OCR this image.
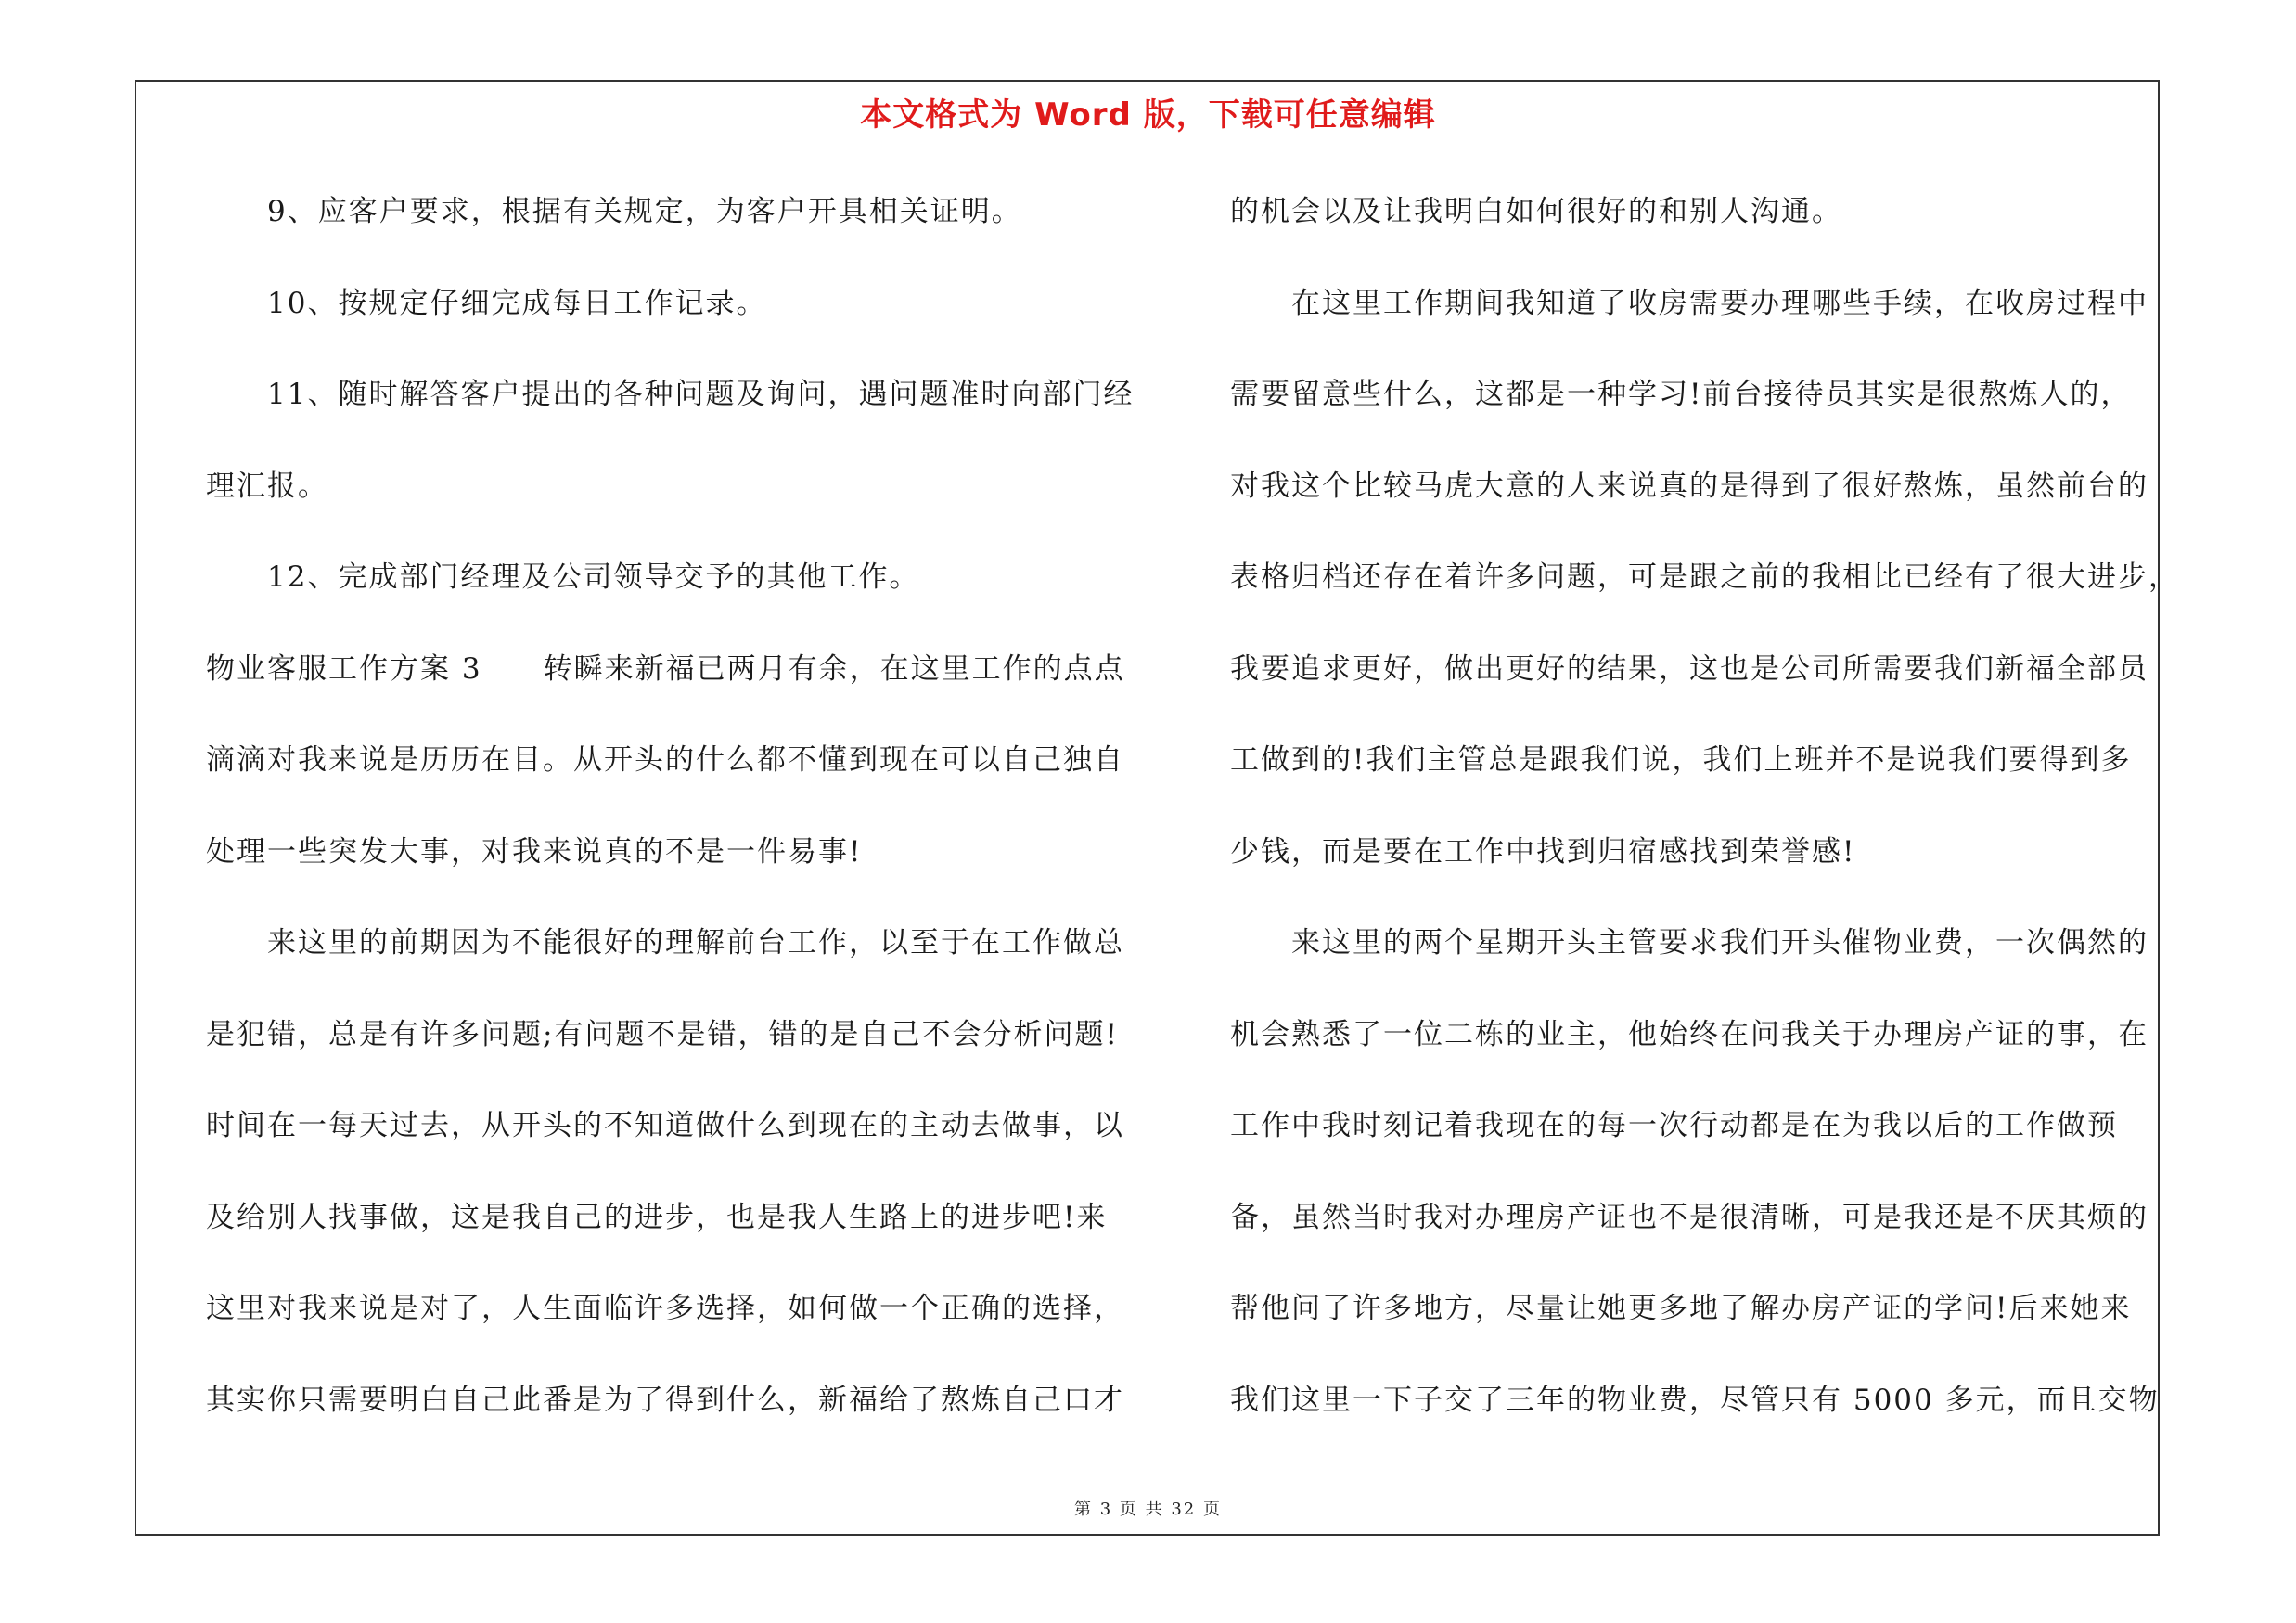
本文格式为 Word 版，下载可任意编辑
9、应客户要求，根据有关规定，为客户开具相关证明。
10、按规定仔细完成每日工作记录。
11、随时解答客户提出的各种问题及询问，遇问题准时向部门经
理汇报。
12、完成部门经理及公司领导交予的其他工作。
物业客服工作方案 3　　转瞬来新福已两月有余，在这里工作的点点
滴滴对我来说是历历在目。从开头的什么都不懂到现在可以自己独自
处理一些突发大事，对我来说真的不是一件易事!
来这里的前期因为不能很好的理解前台工作，以至于在工作做总
是犯错，总是有许多问题;有问题不是错，错的是自己不会分析问题!
时间在一每天过去，从开头的不知道做什么到现在的主动去做事，以
及给别人找事做，这是我自己的进步，也是我人生路上的进步吧!来
这里对我来说是对了，人生面临许多选择，如何做一个正确的选择，
其实你只需要明白自己此番是为了得到什么，新福给了熬炼自己口才
的机会以及让我明白如何很好的和别人沟通。
在这里工作期间我知道了收房需要办理哪些手续，在收房过程中
需要留意些什么，这都是一种学习!前台接待员其实是很熬炼人的，
对我这个比较马虎大意的人来说真的是得到了很好熬炼，虽然前台的
表格归档还存在着许多问题，可是跟之前的我相比已经有了很大进步，
我要追求更好，做出更好的结果，这也是公司所需要我们新福全部员
工做到的!我们主管总是跟我们说，我们上班并不是说我们要得到多
少钱，而是要在工作中找到归宿感找到荣誉感!
来这里的两个星期开头主管要求我们开头催物业费，一次偶然的
机会熟悉了一位二栋的业主，他始终在问我关于办理房产证的事，在
工作中我时刻记着我现在的每一次行动都是在为我以后的工作做预
备，虽然当时我对办理房产证也不是很清晰，可是我还是不厌其烦的
帮他问了许多地方，尽量让她更多地了解办房产证的学问!后来她来
我们这里一下子交了三年的物业费，尽管只有 5000 多元，而且交物
第 3 页 共 32 页
